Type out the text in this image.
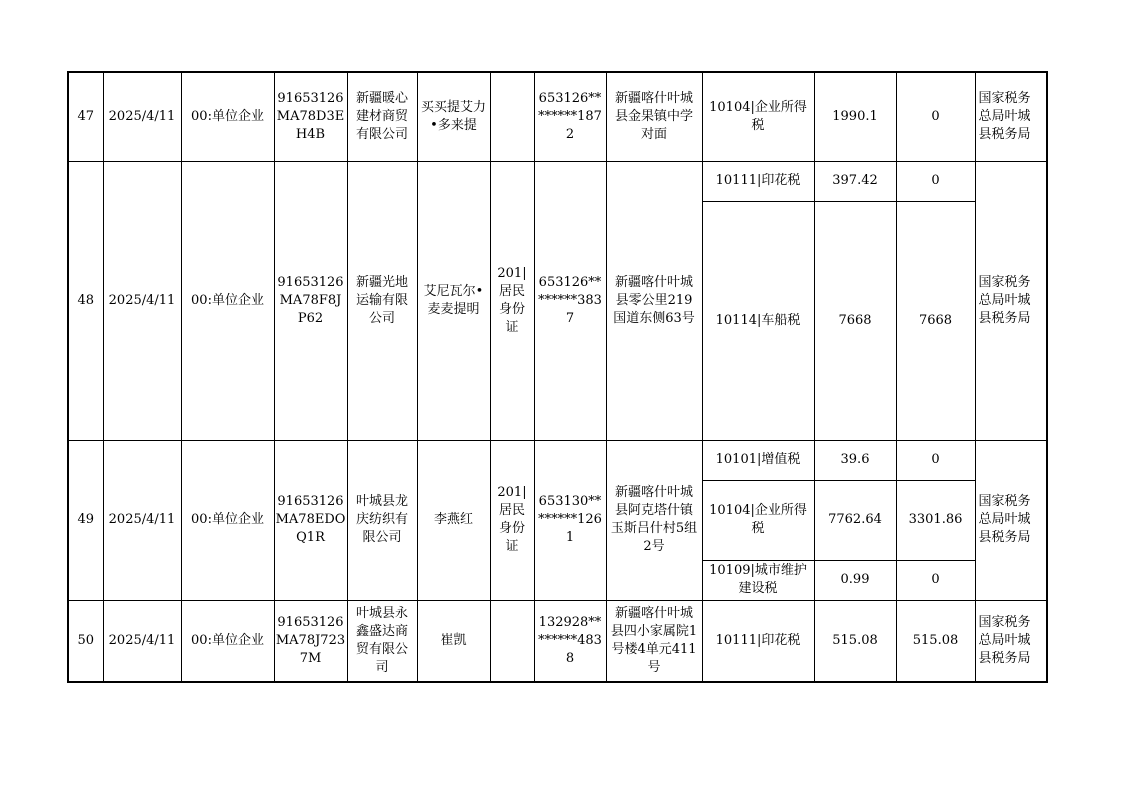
47	2025/4/11	00:单位企业	91653126MA78D3EH4B	新疆暖心建材商贸有限公司	买买提艾力•多来提		653126********1872	新疆喀什叶城县金果镇中学对面	10104|企业所得税	1990.1	0	国家税务总局叶城县税务局
48	2025/4/11	00:单位企业	91653126MA78F8JP62	新疆光地运输有限公司	艾尼瓦尔•麦麦提明	201|居民身份证	653126********3837	新疆喀什叶城县零公里219国道东侧63号	10111|印花税	397.42	0	国家税务总局叶城县税务局
									10114|车船税	7668	7668	
49	2025/4/11	00:单位企业	91653126MA78EDOQ1R	叶城县龙庆纺织有限公司	李燕红	201|居民身份证	653130********1261	新疆喀什叶城县阿克塔什镇玉斯吕什村5组2号	10101|增值税	39.6	0	国家税务总局叶城县税务局
									10104|企业所得税	7762.64	3301.86	
									10109|城市维护建设税	0.99	0	
50	2025/4/11	00:单位企业	91653126MA78J7237M	叶城县永鑫盛达商贸有限公司	崔凯		132928********4838	新疆喀什叶城县四小家属院1号楼4单元411号	10111|印花税	515.08	515.08	国家税务总局叶城县税务局
